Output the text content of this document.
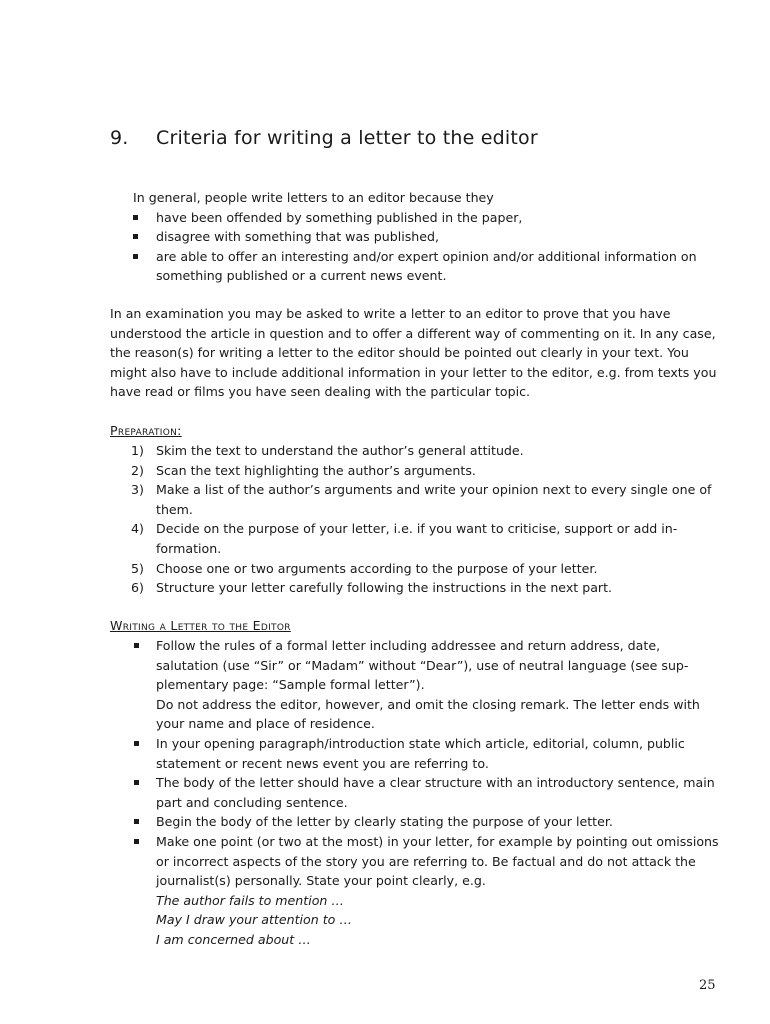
9. Criteria for writing a letter to the editor
In general, people write letters to an editor because they
have been offended by something published in the paper,
disagree with something that was published,
are able to offer an interesting and/or expert opinion and/or additional information on something published or a current news event.
In an examination you may be asked to write a letter to an editor to prove that you have understood the article in question and to offer a different way of commenting on it. In any case, the reason(s) for writing a letter to the editor should be pointed out clearly in your text. You might also have to include additional information in your letter to the editor, e.g. from texts you have read or films you have seen dealing with the particular topic.
Preparation:
1) Skim the text to understand the author’s general attitude.
2) Scan the text highlighting the author’s arguments.
3) Make a list of the author’s arguments and write your opinion next to every single one of them.
4) Decide on the purpose of your letter, i.e. if you want to criticise, support or add in-formation.
5) Choose one or two arguments according to the purpose of your letter.
6) Structure your letter carefully following the instructions in the next part.
Writing a Letter to the Editor
Follow the rules of a formal letter including addressee and return address, date, salutation (use “Sir” or “Madam” without “Dear”), use of neutral language (see sup-plementary page: “Sample formal letter”).
Do not address the editor, however, and omit the closing remark. The letter ends with your name and place of residence.
In your opening paragraph/introduction state which article, editorial, column, public statement or recent news event you are referring to.
The body of the letter should have a clear structure with an introductory sentence, main part and concluding sentence.
Begin the body of the letter by clearly stating the purpose of your letter.
Make one point (or two at the most) in your letter, for example by pointing out omissions or incorrect aspects of the story you are referring to. Be factual and do not attack the journalist(s) personally. State your point clearly, e.g.
The author fails to mention …
May I draw your attention to …
I am concerned about …
25
